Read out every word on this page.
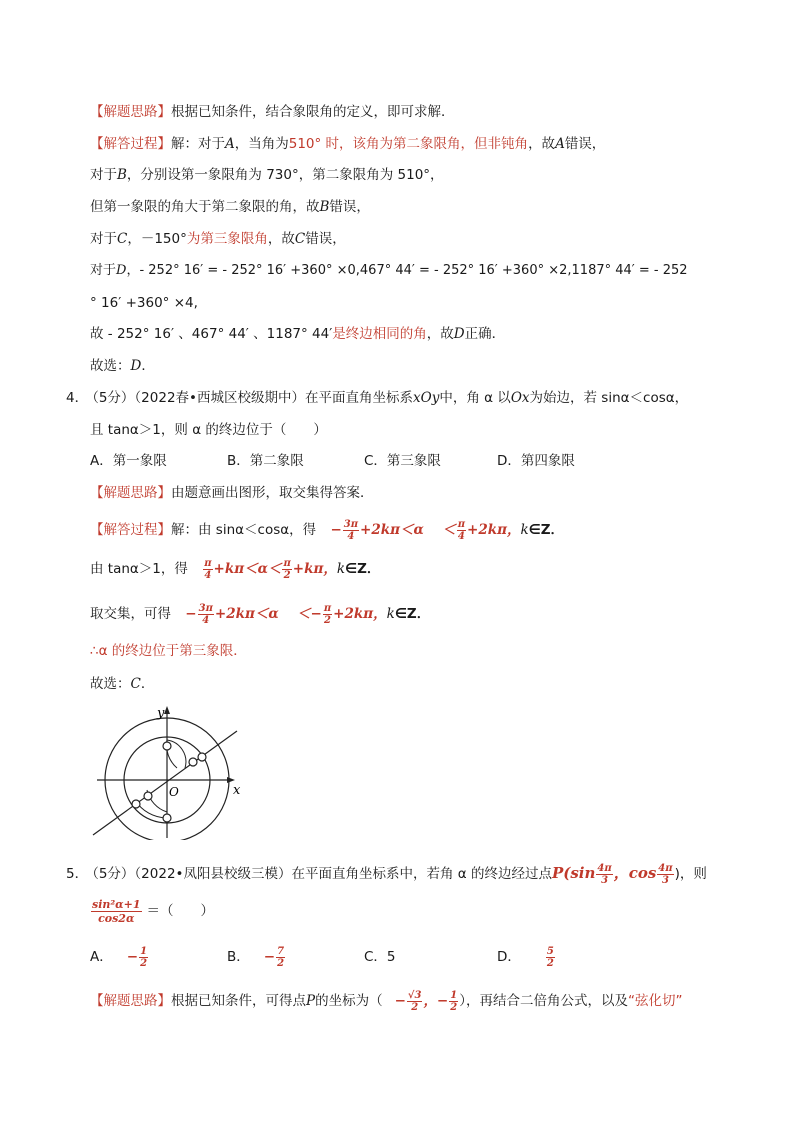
【解题思路】根据已知条件，结合象限角的定义，即可求解．
【解答过程】解：对于A，当角为510° 时，该角为第二象限角，但非钝角，故A错误，
对于B，分别设第一象限角为 730°，第二象限角为 510°，
但第一象限的角大于第二象限的角，故B错误，
对于C，－150°为第三象限角，故C错误，
对于D，- 252° 16′ = - 252° 16′ +360° ×0,467° 44′ = - 252° 16′ +360° ×2,1187° 44′ = - 252
° 16′ +360° ×4,
故 - 252° 16′ 、467° 44′ 、1187° 44′是终边相同的角，故D正确．
故选：D．
4． （5分）（2022春•西城区校级期中）在平面直角坐标系xOy中，角 α 以Ox为始边，若 sinα＜cosα，
且 tanα＞1，则 α 的终边位于（　　）
A．第一象限	B．第二象限	C．第三象限	D．第四象限
【解题思路】由题意画出图形，取交集得答案．
【解答过程】解：由 sinα＜cosα，得 − $\frac{3\pi}{4} +2k\pi<\alpha < \frac{\pi}{4} +2k\pi$，k∈Z．
由 tanα＞1，得 $\frac{\pi}{4} +k\pi<\alpha< \frac{\pi}{2} +k\pi$，k∈Z．
取交集，可得 − $\frac{3\pi}{4} +2k\pi<\alpha <- \frac{\pi}{2} +2k\pi$，k∈Z．
∴α 的终边位于第三象限．
故选：C．
y
x
O
5． （5分）（2022•凤阳县校级三模）在平面直角坐标系中，若角 α 的终边经过点$P(\sin \frac{4\pi}{3}$ ，$\cos \frac{4\pi}{3}$ )，则
$\frac{\text{sin²α+1}}{\cos 2\alpha}$ ＝（　　）
A． − $\frac{1}{2}$	B． − $\frac{7}{2}$	C．5	D．	$\frac{5}{2}$
【解题思路】根据已知条件，可得点P的坐标为（ − $\frac{√3}{2}$ ，− $\frac{1}{2}$ ），再结合二倍角公式，以及“弦化切”
